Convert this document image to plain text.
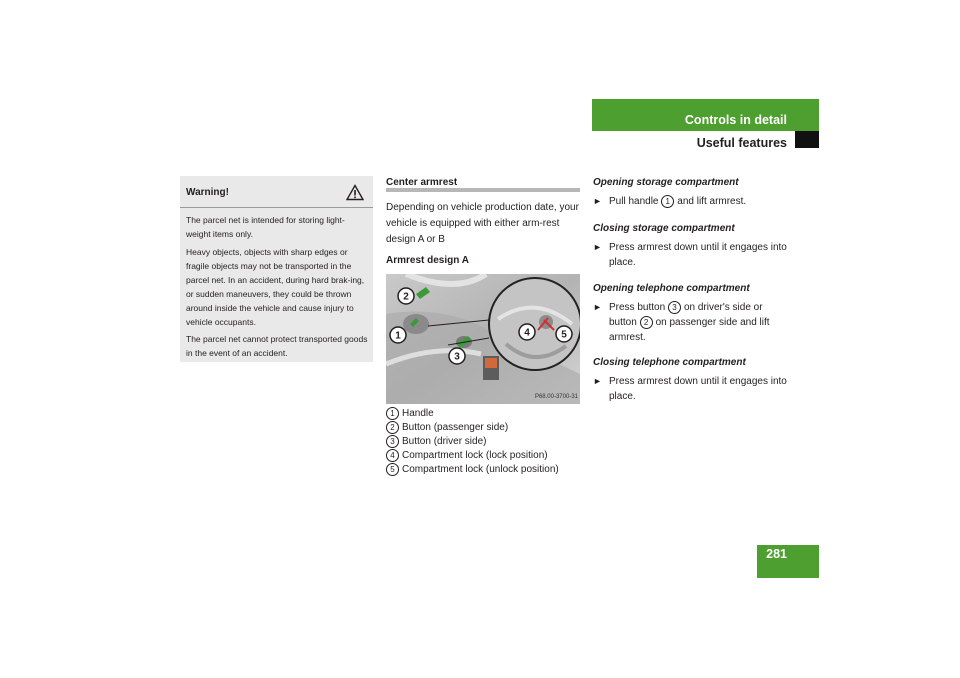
Controls in detail
Useful features
281
Warning!
The parcel net is intended for storing light-weight items only.
Heavy objects, objects with sharp edges or fragile objects may not be transported in the parcel net. In an accident, during hard brak-ing, or sudden maneuvers, they could be thrown around inside the vehicle and cause injury to vehicle occupants.
The parcel net cannot protect transported goods in the event of an accident.
Center armrest
Depending on vehicle production date, your vehicle is equipped with either arm-rest design A or B
Armrest design A
2
1
3
4	5
P68.00-3700-31
1 Handle
2 Button (passenger side)
3 Button (driver side)
4 Compartment lock (lock position)
5 Compartment lock (unlock position)
Opening storage compartment
► Pull handle 1 and lift armrest.
Closing storage compartment
► Press armrest down until it engages into place.
Opening telephone compartment
► Press button 3 on driver's side or button 2 on passenger side and lift armrest.
Closing telephone compartment
► Press armrest down until it engages into place.
